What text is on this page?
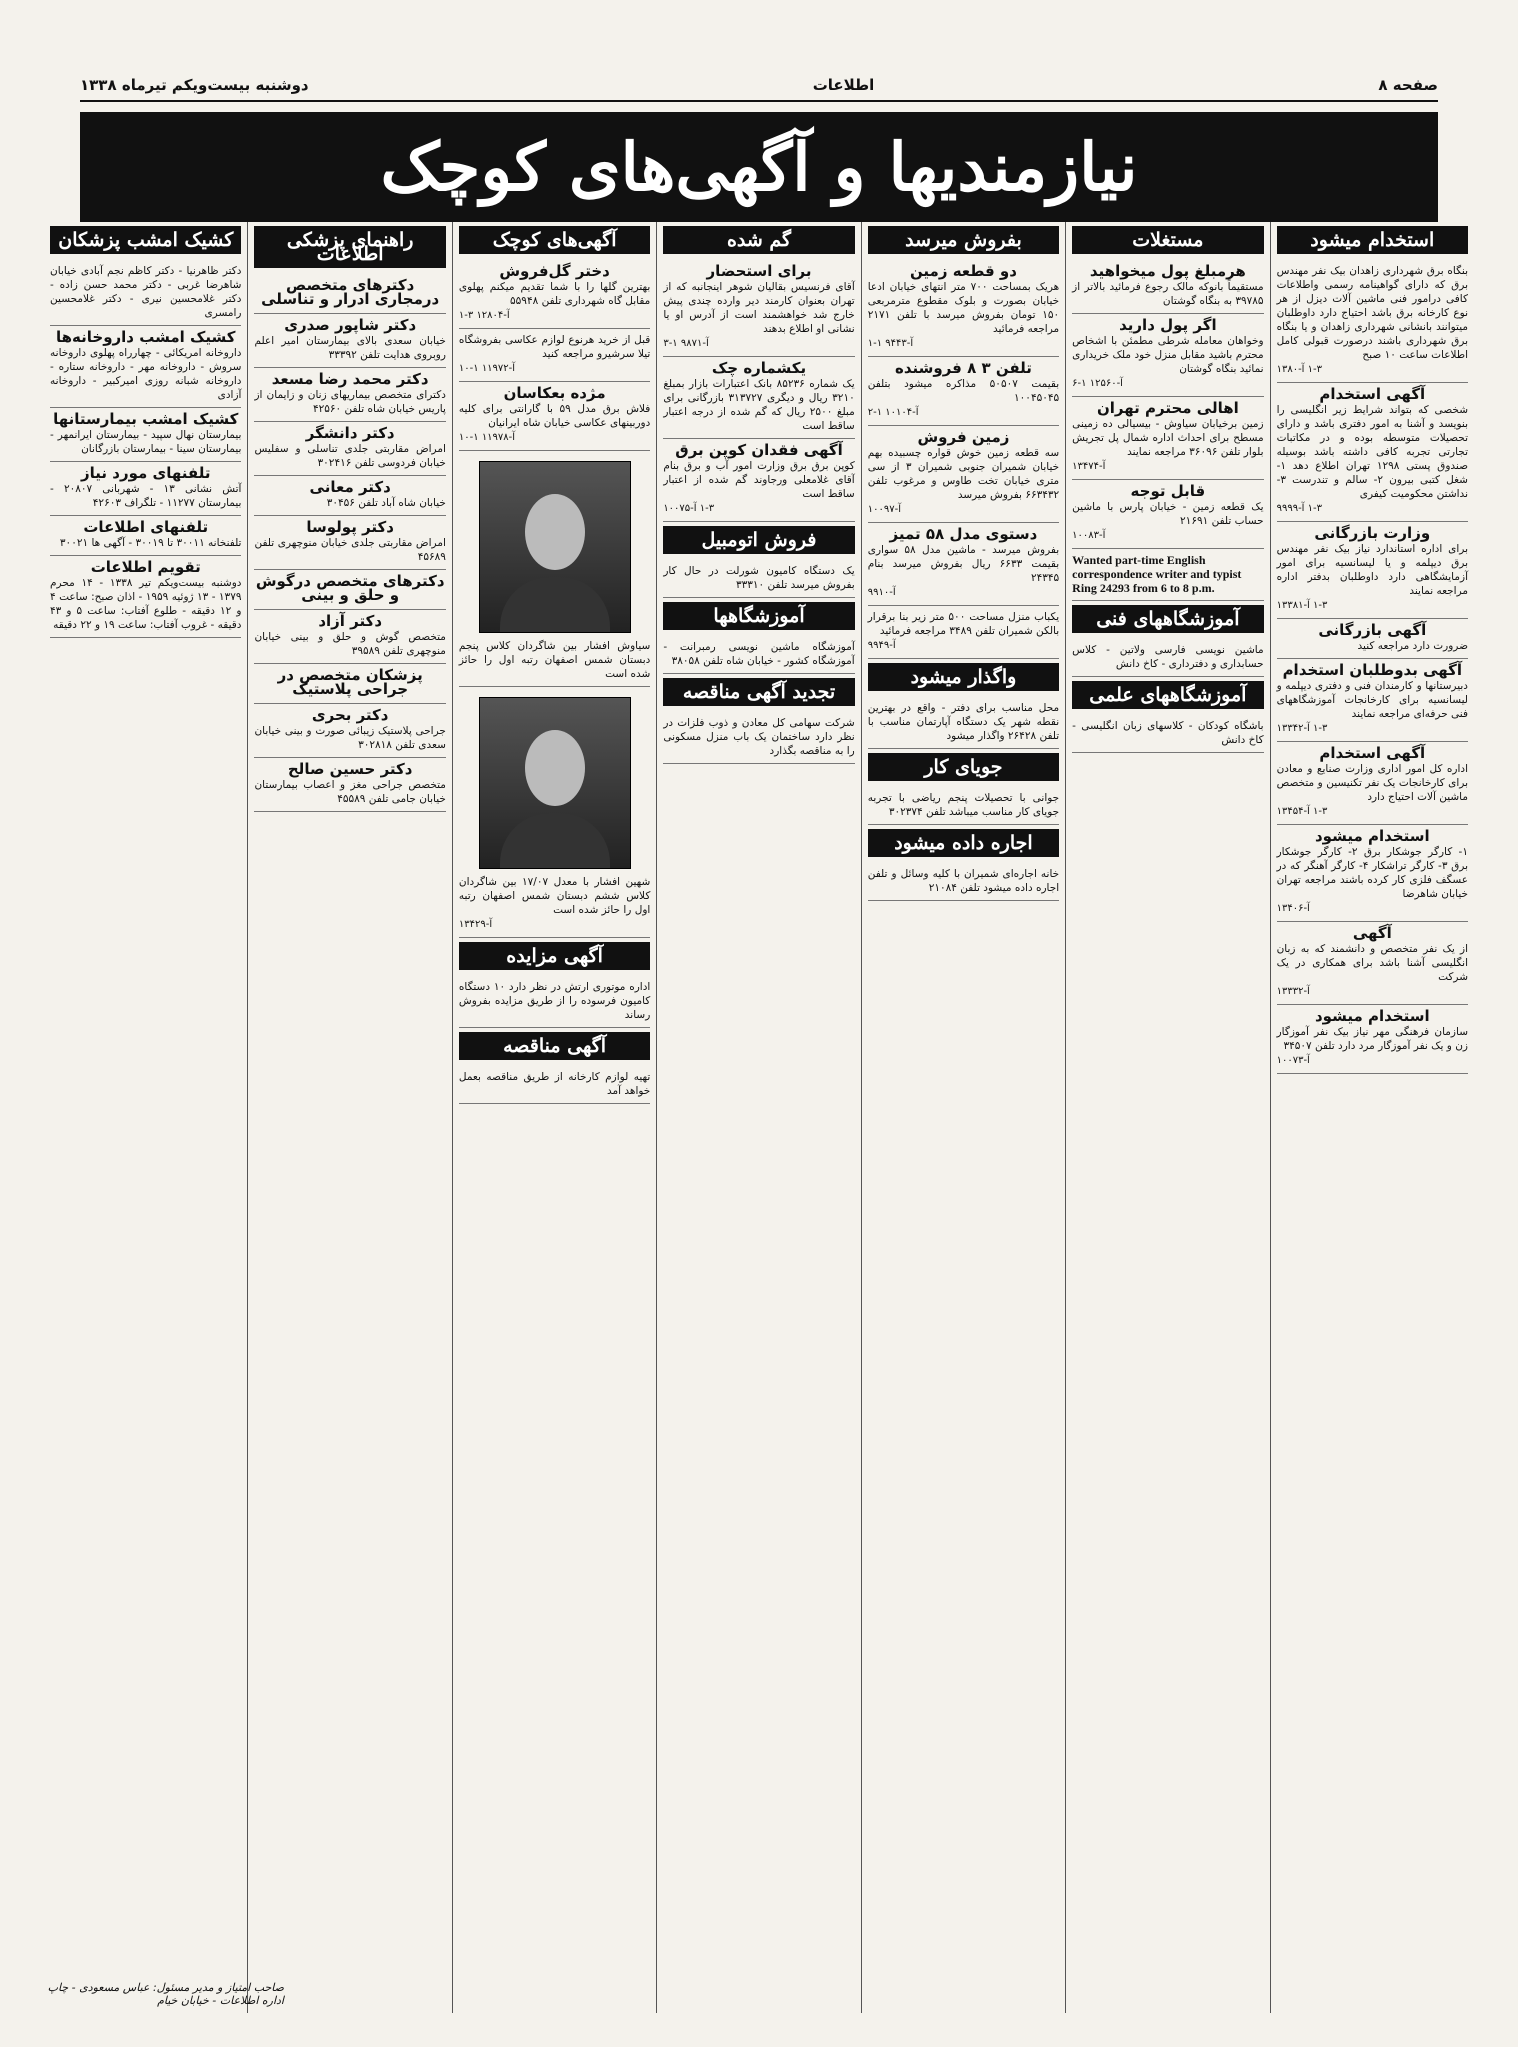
صفحه ۸
اطلاعات
دوشنبه بیست‌ویکم تیرماه ۱۳۳۸
نیازمندیها و آگهی‌های کوچک
استخدام میشود
بنگاه برق شهرداری زاهدان بیک نفر مهندس برق که دارای گواهینامه رسمی واطلاعات کافی درامور فنی ماشین آلات دیزل از هر نوع کارخانه برق باشد احتیاج دارد داوطلبان میتوانند بانشانی شهرداری زاهدان و یا بنگاه برق شهرداری باشند درصورت قبولی کامل اطلاعات ساعت ۱۰ صبح
۱-۳ آ-۱۳۸۰
آگهی استخدام
شخصی که بتواند شرایط زیر انگلیسی را بنویسد و آشنا به امور دفتری باشد و دارای تحصیلات متوسطه بوده و در مکاتبات تجارتی تجربه کافی داشته باشد بوسیله صندوق پستی ۱۲۹۸ تهران اطلاع دهد ۱- شغل کتبی بیرون ۲- سالم و تندرست ۳- نداشتن محکومیت کیفری
۱-۳ آ-۹۹۹۹
وزارت بازرگانی
برای اداره استاندارد نیاز بیک نفر مهندس برق دیپلمه و یا لیسانسیه برای امور آزمایشگاهی دارد داوطلبان بدفتر اداره مراجعه نمایند
۱-۳ آ-۱۳۳۸۱
آگهی بازرگانی
ضرورت دارد مراجعه کنید
آگهی بدوطلبان استخدام
دبیرستانها و کارمندان فنی و دفتری دیپلمه و لیسانسیه برای کارخانجات آموزشگاههای فنی حرفه‌ای مراجعه نمایند
۱-۳ آ-۱۳۳۴۲
آگهی استخدام
اداره کل امور اداری وزارت صنایع و معادن برای کارخانجات یک نفر تکنیسین و متخصص ماشین آلات احتیاج دارد
۱-۳ آ-۱۳۴۵۴
استخدام میشود
۱- کارگر جوشکار برق ۲- کارگر جوشکار برق ۳- کارگر تراشکار ۴- کارگر آهنگر که در عسگف فلزی کار کرده باشند مراجعه تهران خیابان شاهرضا
آ-۱۳۴۰۶
آگهی
از یک نفر متخصص و دانشمند که به زبان انگلیسی آشنا باشد برای همکاری در یک شرکت
آ-۱۳۳۳۲
استخدام میشود
سازمان فرهنگی مهر نیاز بیک نفر آموزگار زن و یک نفر آموزگار مرد دارد تلفن ۳۴۵۰۷
آ-۱۰۰۷۳
مستغلات
هرمبلغ پول میخواهید
مستقیماً بانوکه مالک رجوع فرمائید بالاتر از ۳۹۷۸۵ به بنگاه گوشتان
اگر پول دارید
وخواهان معامله شرطی مطمئن با اشخاص محترم باشید مقابل منزل خود ملک خریداری نمائید بنگاه گوشتان
آ-۱۲۵۶۰ ۱-۶
اهالی محترم تهران
زمین برخیابان سیاوش - بیسیالی ده زمینی مسطح برای احداث اداره شمال پل تجریش بلوار تلفن ۳۶۰۹۶ مراجعه نمایند
آ-۱۳۴۷۴
قابل توجه
یک قطعه زمین - خیابان پارس با ماشین حساب تلفن ۲۱۶۹۱
آ-۱۰۰۸۳
Wanted part-time English correspondence writer and typist Ring 24293 from 6 to 8 p.m.
آموزشگاههای فنی
ماشین نویسی فارسی ولاتین - کلاس حسابداری و دفترداری - کاخ دانش
آموزشگاههای علمی
باشگاه کودکان - کلاسهای زبان انگلیسی - کاخ دانش
بفروش میرسد
دو قطعه زمین
هریک بمساحت ۷۰۰ متر انتهای خیابان ادعا خیابان بصورت و بلوک مقطوع مترمربعی ۱۵۰ تومان بفروش میرسد با تلفن ۲۱۷۱ مراجعه فرمائید
آ-۹۴۴۳ ۱-۱
تلفن ۳ ۸ فروشنده
بقیمت ۵۰۵۰۷ مذاکره میشود بتلفن ۱۰۰۴۵۰۴۵
آ-۱۰۱۰۴ ۱-۲
زمین فروش
سه قطعه زمین خوش قواره چسبیده بهم خیابان شمیران جنوبی شمیران ۳ از سی متری خیابان تخت طاوس و مرغوب تلفن ۶۶۳۴۳۲ بفروش میرسد
آ-۱۰۰۹۷
دستوی مدل ۵۸ تمیز
بفروش میرسد - ماشین مدل ۵۸ سواری بقیمت ۶۶۳۳ ریال بفروش میرسد بنام ۲۴۳۴۵
آ-۹۹۱۰
یکباب منزل مساحت ۵۰۰ متر زیر بنا برقرار بالکن شمیران تلفن ۳۴۸۹ مراجعه فرمائید
آ-۹۹۴۹
واگذار میشود
محل مناسب برای دفتر - واقع در بهترین نقطه شهر یک دستگاه آپارتمان مناسب با تلفن ۲۶۴۲۸ واگذار میشود
جویای کار
جوانی با تحصیلات پنجم ریاضی با تجربه جویای کار مناسب میباشد تلفن ۳۰۲۳۷۴
اجاره داده میشود
خانه اجاره‌ای شمیران با کلیه وسائل و تلفن اجاره داده میشود تلفن ۲۱۰۸۴
گم شده
برای استحضار
آقای فرنسیس بقالیان شوهر اینجانبه که از تهران بعنوان کارمند دیر وارده چندی پیش خارج شد خواهشمند است از آدرس او یا نشانی او اطلاع بدهند
آ-۹۸۷۱ ۱-۳
یکشماره چک
یک شماره ۸۵۲۳۶ بانک اعتبارات بازار بمبلغ ۳۲۱۰ ریال و دیگری ۳۱۳۷۲۷ بازرگانی برای مبلغ ۲۵۰۰ ریال که گم شده از درجه اعتبار ساقط است
آگهی فقدان کوپن برق
کوپن برق برق وزارت امور آب و برق بنام آقای غلامعلی ورجاوند گم شده از اعتبار ساقط است
۱-۳ آ-۱۰۰۷۵
فروش اتومبیل
یک دستگاه کامیون شورلت در حال کار بفروش میرسد تلفن ۳۳۳۱۰
آموزشگاهها
آموزشگاه ماشین نویسی رمبرانت - آموزشگاه کشور - خیابان شاه تلفن ۳۸۰۵۸
تجدید آگهی مناقصه
شرکت سهامی کل معادن و ذوب فلزات در نظر دارد ساختمان یک باب منزل مسکونی را به مناقصه بگذارد
آگهی‌های کوچک
دختر گل‌فروش
بهترین گلها را با شما تقدیم میکنم پهلوی مقابل گاه شهرداری تلفن ۵۵۹۴۸
آ-۱۲۸۰۴ ۳-۱
قبل از خرید هرنوع لوازم عکاسی بفروشگاه تیلا سرشیرو مراجعه کنید
آ-۱۱۹۷۲ ۱-۱۰
مژده بعکاسان
فلاش برق مدل ۵۹ با گارانتی برای کلیه دوربینهای عکاسی خیابان شاه ایرانیان
آ-۱۱۹۷۸ ۱-۱۰
سیاوش افشار بین شاگردان کلاس پنجم دبستان شمس اصفهان رتبه اول را حائز شده است
شهین افشار با معدل ۱۷/۰۷ بین شاگردان کلاس ششم دبستان شمس اصفهان رتبه اول را حائز شده است
آ-۱۳۴۲۹
آگهی مزایده
اداره موتوری ارتش در نظر دارد ۱۰ دستگاه کامیون فرسوده را از طریق مزایده بفروش رساند
آگهی مناقصه
تهیه لوازم کارخانه از طریق مناقصه بعمل خواهد آمد
راهنمای پزشکی اطلاعات
دکترهای متخصص درمجاری ادرار و تناسلی
دکتر شاپور صدری
خیابان سعدی بالای بیمارستان امیر اعلم روبروی هدایت تلفن ۳۳۳۹۲
دکتر محمد رضا مسعد
دکترای متخصص بیماریهای زنان و زایمان از پاریس خیابان شاه تلفن ۴۲۵۶۰
دکتر دانشگر
امراض مقاربتی جلدی تناسلی و سفلیس خیابان فردوسی تلفن ۳۰۲۴۱۶
دکتر معانی
خیابان شاه آباد تلفن ۳۰۴۵۶
دکتر پولوسا
امراض مقاربتی جلدی خیابان منوچهری تلفن ۴۵۶۸۹
دکترهای متخصص درگوش و حلق و بینی
دکتر آزاد
متخصص گوش و حلق و بینی خیابان منوچهری تلفن ۳۹۵۸۹
پزشکان متخصص در جراحی پلاستیک
دکتر بحری
جراحی پلاستیک زیبائی صورت و بینی خیابان سعدی تلفن ۳۰۲۸۱۸
دکتر حسین صالح
متخصص جراحی مغز و اعصاب بیمارستان خیابان جامی تلفن ۴۵۵۸۹
کشیک امشب پزشکان
دکتر ظاهرنیا - دکتر کاظم نجم آبادی خیابان شاهرضا غربی - دکتر محمد حسن زاده - دکتر غلامحسین نیری - دکتر غلامحسین رامسری
کشیک امشب داروخانه‌ها
داروخانه امریکائی - چهارراه پهلوی داروخانه سروش - داروخانه مهر - داروخانه ستاره - داروخانه شبانه روزی امیرکبیر - داروخانه آزادی
کشیک امشب بیمارستانها
بیمارستان نهال سپید - بیمارستان ایرانمهر - بیمارستان سینا - بیمارستان بازرگانان
تلفنهای مورد نیاز
آتش نشانی ۱۳ - شهربانی ۲۰۸۰۷ - بیمارستان ۱۱۲۷۷ - تلگراف ۴۲۶۰۳
تلفنهای اطلاعات
تلفنخانه ۳۰۰۱۱ تا ۳۰۰۱۹ - آگهی ها ۳۰۰۲۱
تقویم اطلاعات
دوشنبه بیست‌ویکم تیر ۱۳۳۸ - ۱۴ محرم ۱۳۷۹ - ۱۳ ژوئیه ۱۹۵۹ - اذان صبح: ساعت ۴ و ۱۲ دقیقه - طلوع آفتاب: ساعت ۵ و ۴۳ دقیقه - غروب آفتاب: ساعت ۱۹ و ۲۲ دقیقه
صاحب امتیاز و مدیر مسئول: عباس مسعودی - چاپ اداره اطلاعات - خیابان خیام
